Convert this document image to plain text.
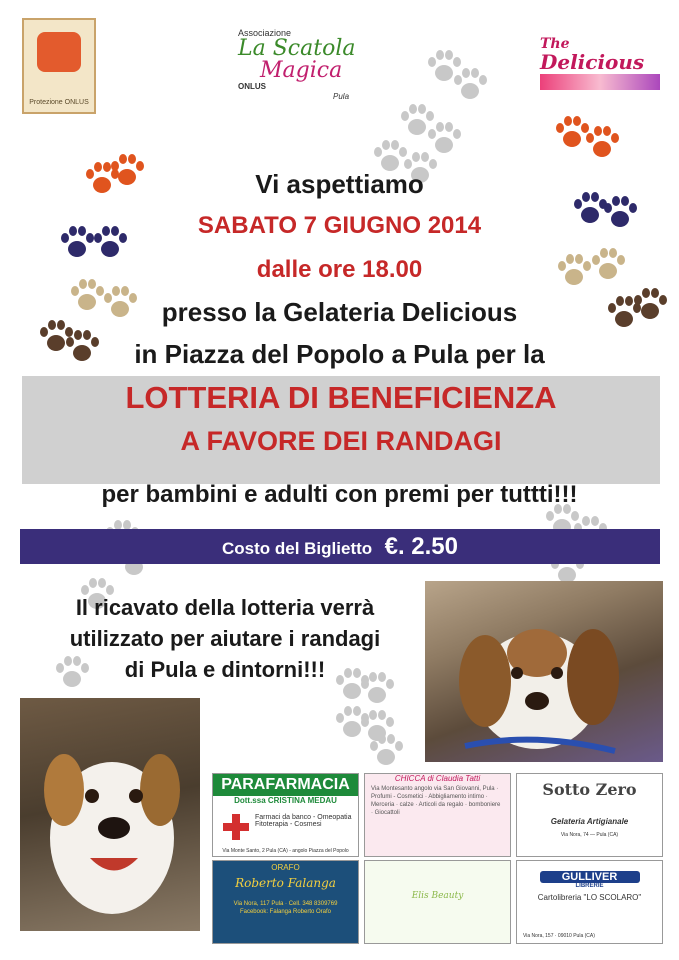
Protezione ONLUS
Associazione
La Scatola
Magica
ONLUS
Pula
The
Delicious
Vi aspettiamo
SABATO 7 GIUGNO 2014
dalle ore 18.00
presso la Gelateria Delicious
in Piazza del Popolo a Pula per la
LOTTERIA DI BENEFICIENZA
A FAVORE DEI RANDAGI
per bambini e adulti con premi per tuttti!!!
Costo del Biglietto €. 2.50
Il ricavato della lotteria verrà
utilizzato per aiutare i randagi
di Pula e dintorni!!!
PARAFARMACIA
Dott.ssa CRISTINA MEDAU
Farmaci da banco - Omeopatia Fitoterapia - Cosmesi
Via Monte Santo, 2 Pula (CA) - angolo Piazza del Popolo
CHICCA di Claudia Tatti
Via Montesanto angolo via San Giovanni, Pula · Profumi - Cosmetici · Abbigliamento intimo · Merceria · calze · Articoli da regalo · bomboniere · Giocattoli
Sotto Zero
Gelateria Artigianale
Via Nora, 74 — Pula (CA)
ORAFO
Roberto Falanga
Via Nora, 117 Pula · Cell. 348 8309769
Facebook: Falanga Roberto Orafo
Elis Beauty
GULLIVER
LIBRERIE
Cartolibreria "LO SCOLARO"
Via Nora, 157 · 09010 Pula (CA)
